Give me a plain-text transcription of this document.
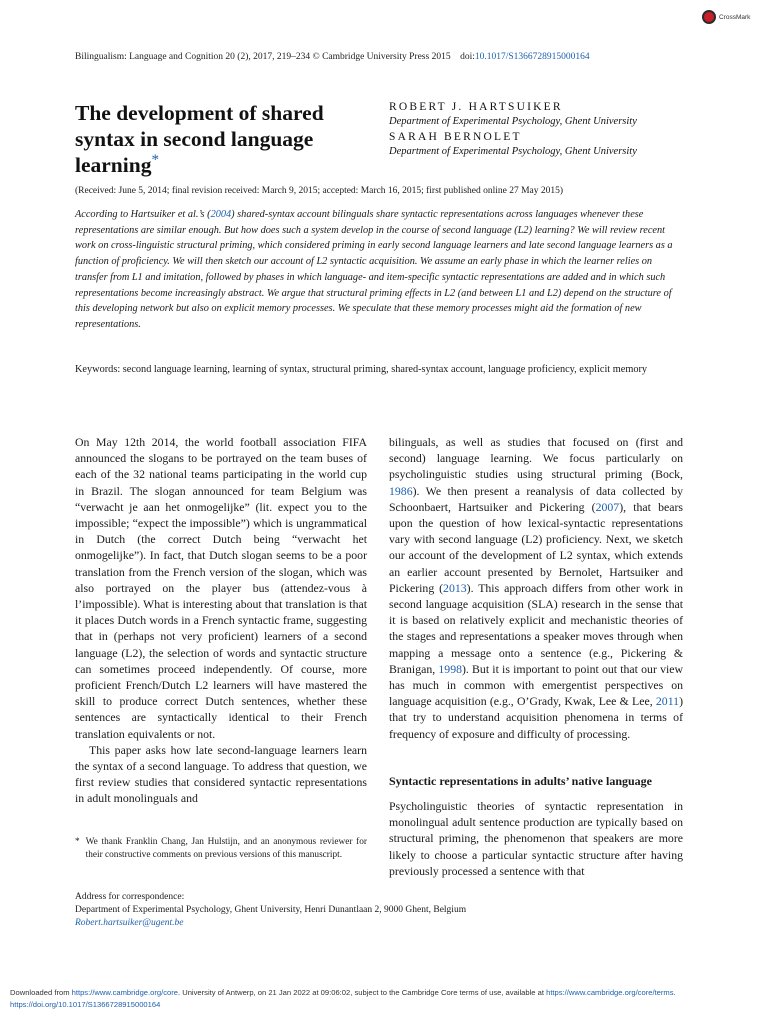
CrossMark
Bilingualism: Language and Cognition 20 (2), 2017, 219–234 © Cambridge University Press 2015 doi:10.1017/S1366728915000164
The development of shared syntax in second language learning*
ROBERT J. HARTSUIKER
Department of Experimental Psychology, Ghent University
SARAH BERNOLET
Department of Experimental Psychology, Ghent University
(Received: June 5, 2014; final revision received: March 9, 2015; accepted: March 16, 2015; first published online 27 May 2015)

According to Hartsuiker et al.’s (2004) shared-syntax account bilinguals share syntactic representations across languages whenever these representations are similar enough. But how does such a system develop in the course of second language (L2) learning? We will review recent work on cross-linguistic structural priming, which considered priming in early second language learners and late second language learners as a function of proficiency. We will then sketch our account of L2 syntactic acquisition. We assume an early phase in which the learner relies on transfer from L1 and imitation, followed by phases in which language- and item-specific syntactic representations are added and in which such representations become increasingly abstract. We argue that structural priming effects in L2 (and between L1 and L2) depend on the structure of this developing network but also on explicit memory processes. We speculate that these memory processes might aid the formation of new representations.

Keywords: second language learning, learning of syntax, structural priming, shared-syntax account, language proficiency, explicit memory

On May 12th 2014, the world football association FIFA announced the slogans to be portrayed on the team buses of each of the 32 national teams participating in the world cup in Brazil. The slogan announced for team Belgium was “verwacht je aan het onmogelijke” (lit. expect you to the impossible; “expect the impossible”) which is ungrammatical in Dutch (the correct Dutch being “verwacht het onmogelijke”). In fact, that Dutch slogan seems to be a poor translation from the French version of the slogan, which was also portrayed on the player bus (attendez-vous à l’impossible). What is interesting about that translation is that it places Dutch words in a French syntactic frame, suggesting that in (perhaps not very proficient) learners of a second language (L2), the selection of words and syntactic structure can sometimes proceed independently. Of course, more proficient French/Dutch L2 learners will have mastered the skill to produce correct Dutch sentences, whether these sentences are syntactically identical to their French translation equivalents or not.

This paper asks how late second-language learners learn the syntax of a second language. To address that question, we first review studies that considered syntactic representations in adult monolinguals and

* We thank Franklin Chang, Jan Hulstijn, and an anonymous reviewer for their constructive comments on previous versions of this manuscript.

bilinguals, as well as studies that focused on (first and second) language learning. We focus particularly on psycholinguistic studies using structural priming (Bock, 1986). We then present a reanalysis of data collected by Schoonbaert, Hartsuiker and Pickering (2007), that bears upon the question of how lexical-syntactic representations vary with second language (L2) proficiency. Next, we sketch our account of the development of L2 syntax, which extends an earlier account presented by Bernolet, Hartsuiker and Pickering (2013). This approach differs from other work in second language acquisition (SLA) research in the sense that it is based on relatively explicit and mechanistic theories of the stages and representations a speaker moves through when mapping a message onto a sentence (e.g., Pickering & Branigan, 1998). But it is important to point out that our view has much in common with emergentist perspectives on language acquisition (e.g., O’Grady, Kwak, Lee & Lee, 2011) that try to understand acquisition phenomena in terms of frequency of exposure and difficulty of processing.

Syntactic representations in adults’ native language

Psycholinguistic theories of syntactic representation in monolingual adult sentence production are typically based on structural priming, the phenomenon that speakers are more likely to choose a particular syntactic structure after having previously processed a sentence with that

Address for correspondence:
Department of Experimental Psychology, Ghent University, Henri Dunantlaan 2, 9000 Ghent, Belgium
Robert.hartsuiker@ugent.be
Downloaded from https://www.cambridge.org/core. University of Antwerp, on 21 Jan 2022 at 09:06:02, subject to the Cambridge Core terms of use, available at https://www.cambridge.org/core/terms.
https://doi.org/10.1017/S1366728915000164
